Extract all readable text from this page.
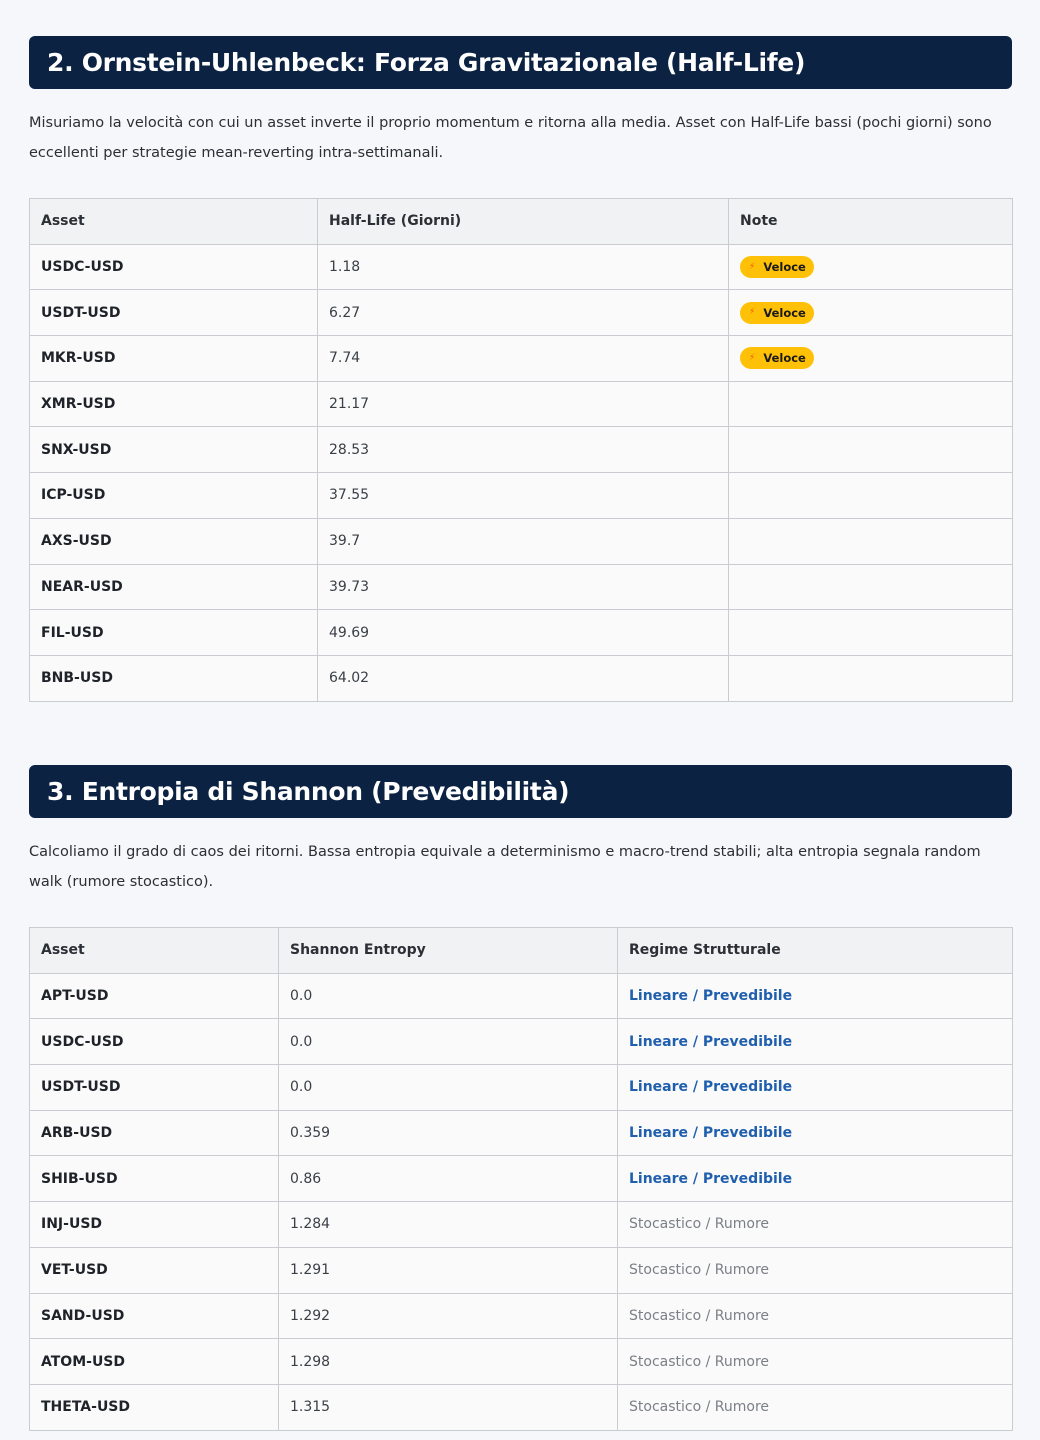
2. Ornstein-Uhlenbeck: Forza Gravitazionale (Half-Life)

Misuriamo la velocità con cui un asset inverte il proprio momentum e ritorna alla media. Asset con Half-Life bassi (pochi giorni) sono eccellenti per strategie mean-reverting intra-settimanali.

Asset	Half-Life (Giorni)	Note
USDC-USD	1.18	⚡ Veloce

USDT-USD	6.27	⚡ Veloce

MKR-USD	7.74	⚡ Veloce

XMR-USD	21.17	
SNX-USD	28.53	
ICP-USD	37.55	
AXS-USD	39.7	
NEAR-USD	39.73	
FIL-USD	49.69	
BNB-USD	64.02	
3. Entropia di Shannon (Prevedibilità)

Calcoliamo il grado di caos dei ritorni. Bassa entropia equivale a determinismo e macro-trend stabili; alta entropia segnala random walk (rumore stocastico).

Asset	Shannon Entropy	Regime Strutturale
APT-USD	0.0	Lineare / Prevedibile
USDC-USD	0.0	Lineare / Prevedibile
USDT-USD	0.0	Lineare / Prevedibile
ARB-USD	0.359	Lineare / Prevedibile
SHIB-USD	0.86	Lineare / Prevedibile
INJ-USD	1.284	Stocastico / Rumore
VET-USD	1.291	Stocastico / Rumore
SAND-USD	1.292	Stocastico / Rumore
ATOM-USD	1.298	Stocastico / Rumore
THETA-USD	1.315	Stocastico / Rumore
